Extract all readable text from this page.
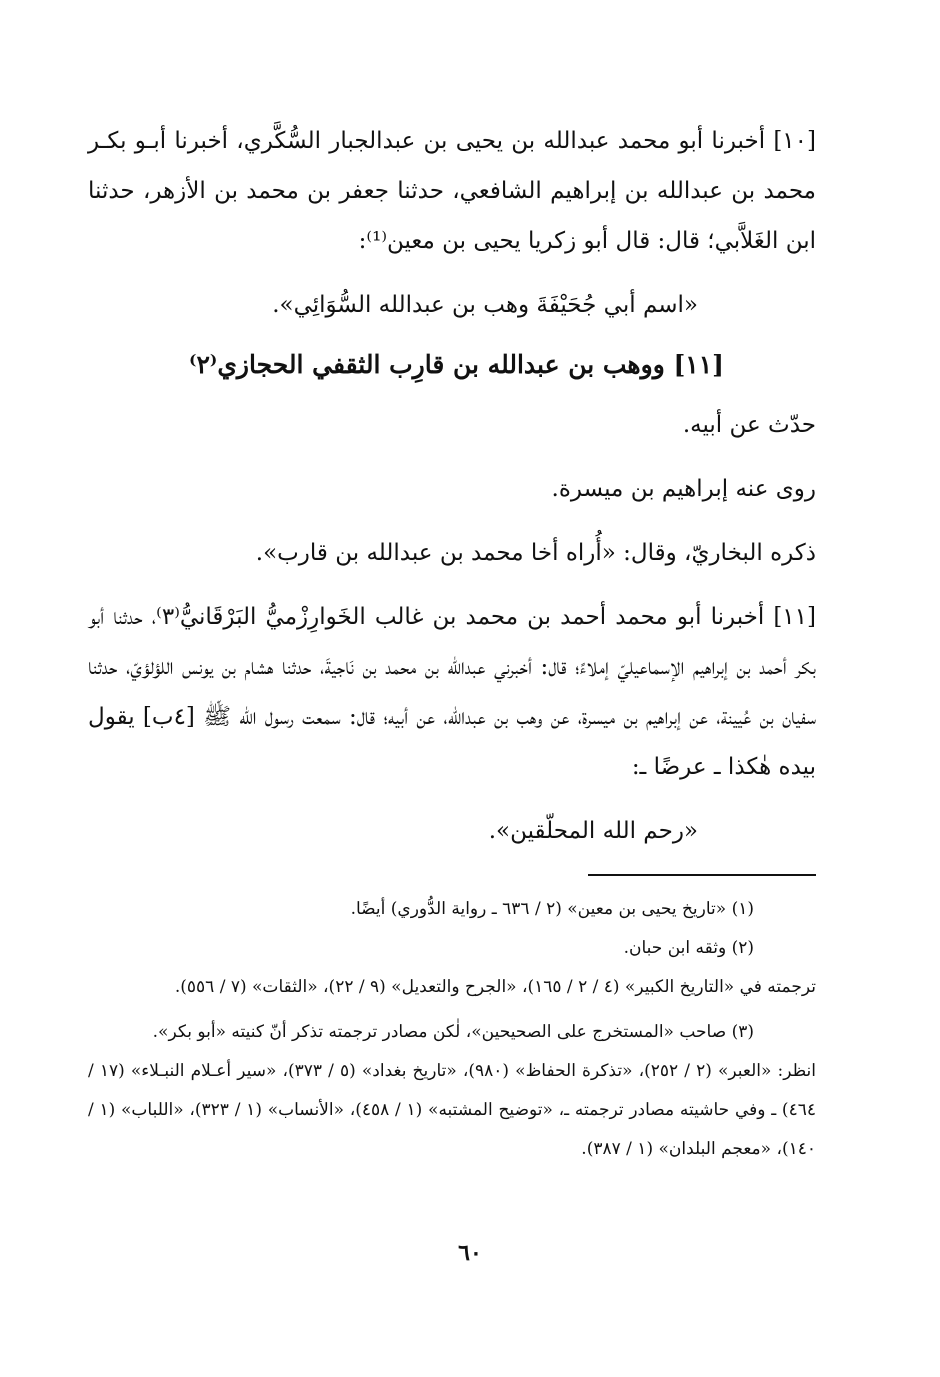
[١٠] أخبرنا أبو محمد عبدالله بن يحيى بن عبدالجبار السُّكَّري، أخبرنا أبـو بكـر محمد بن عبدالله بن إبراهيم الشافعي، حدثنا جعفر بن محمد بن الأزهر، حدثنا ابن الغَلاَّبي؛ قال: قال أبو زكريا يحيى بن معين⁽¹⁾:

«اسم أبي جُحَيْفَةَ وهب بن عبدالله السُّوَائِي».

[١١] ووهب بن عبدالله بن قارِب الثقفي الحجازي⁽٢⁾

حدّث عن أبيه.

روى عنه إبراهيم بن ميسرة.

ذكره البخاريّ، وقال: «أُراه أخا محمد بن عبدالله بن قارب».

[١١] أخبرنا أبو محمد أحمد بن محمد بن غالب الخَوارِزْميُّ البَرْقَانيُّ⁽٣⁾، حدثنا أبو بكر أحمد بن إبراهيم الإسماعيليّ إملاءً؛ قال: أخبرني عبدالله بن محمد بن نَاجيةَ، حدثنا هشام بن يونس اللؤلؤيّ، حدثنا سفيان بن عُيينة، عن إبراهيم بن ميسرة، عن وهب بن عبدالله، عن أبيه؛ قال: سمعت رسول الله ﷺ [٤ب] يقول بيده هٰكذا ـ عرضًا ـ:

«رحم الله المحلّقين».

(١) «تاريخ يحيى بن معين» (٢ / ٦٣٦ ـ رواية الدُّوري) أيضًا.

(٢) وثقه ابن حبان.

ترجمته في «التاريخ الكبير» (٤ / ٢ / ١٦٥)، «الجرح والتعديل» (٩ / ٢٢)، «الثقات» (٧ / ٥٥٦).

(٣) صاحب «المستخرج على الصحيحين»، لٰكن مصادر ترجمته تذكر أنّ كنيته «أبو بكر».

انظر: «العبر» (٢ / ٢٥٢)، «تذكرة الحفاظ» (٩٨٠)، «تاريخ بغداد» (٥ / ٣٧٣)، «سير أعـلام النبـلاء» (١٧ / ٤٦٤) ـ وفي حاشيته مصادر ترجمته ـ، «توضيح المشتبه» (١ / ٤٥٨)، «الأنساب» (١ / ٣٢٣)، «اللباب» (١ / ١٤٠)، «معجم البلدان» (١ / ٣٨٧).

٦٠
